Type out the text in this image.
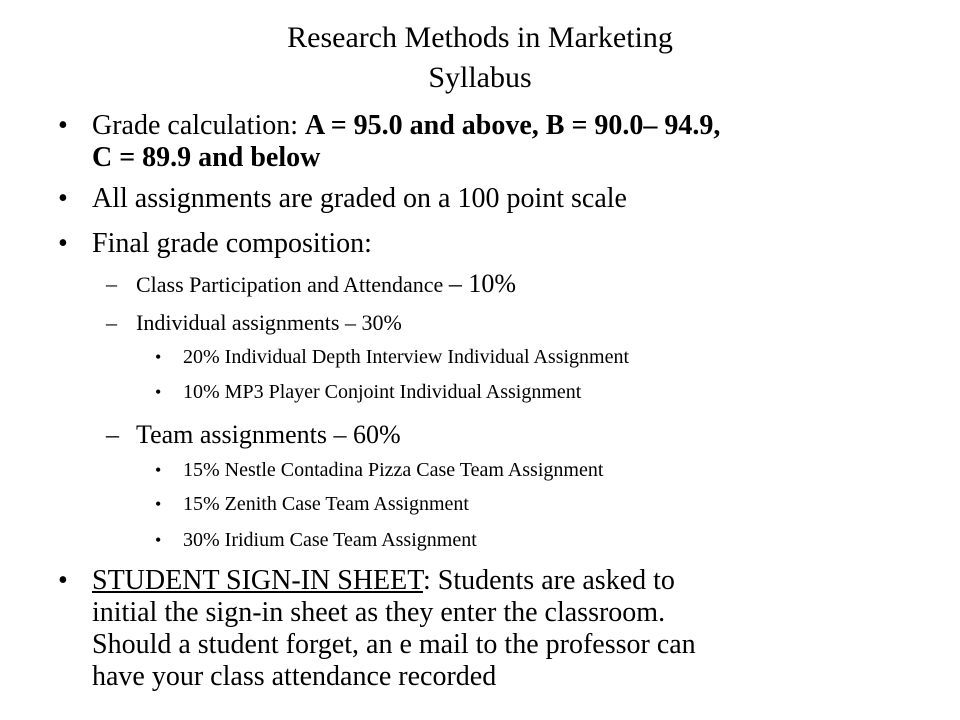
Research Methods in Marketing
Syllabus
• Grade calculation: A = 95.0 and above, B = 90.0– 94.9,
C = 89.9 and below
• All assignments are graded on a 100 point scale
• Final grade composition:
– Class Participation and Attendance – 10%
– Individual assignments – 30%
• 20% Individual Depth Interview Individual Assignment
• 10% MP3 Player Conjoint Individual Assignment
– Team assignments – 60%
• 15% Nestle Contadina Pizza Case Team Assignment
• 15% Zenith Case Team Assignment
• 30% Iridium Case Team Assignment
• STUDENT SIGN-IN SHEET: Students are asked to
initial the sign-in sheet as they enter the classroom.
Should a student forget, an e mail to the professor can
have your class attendance recorded
